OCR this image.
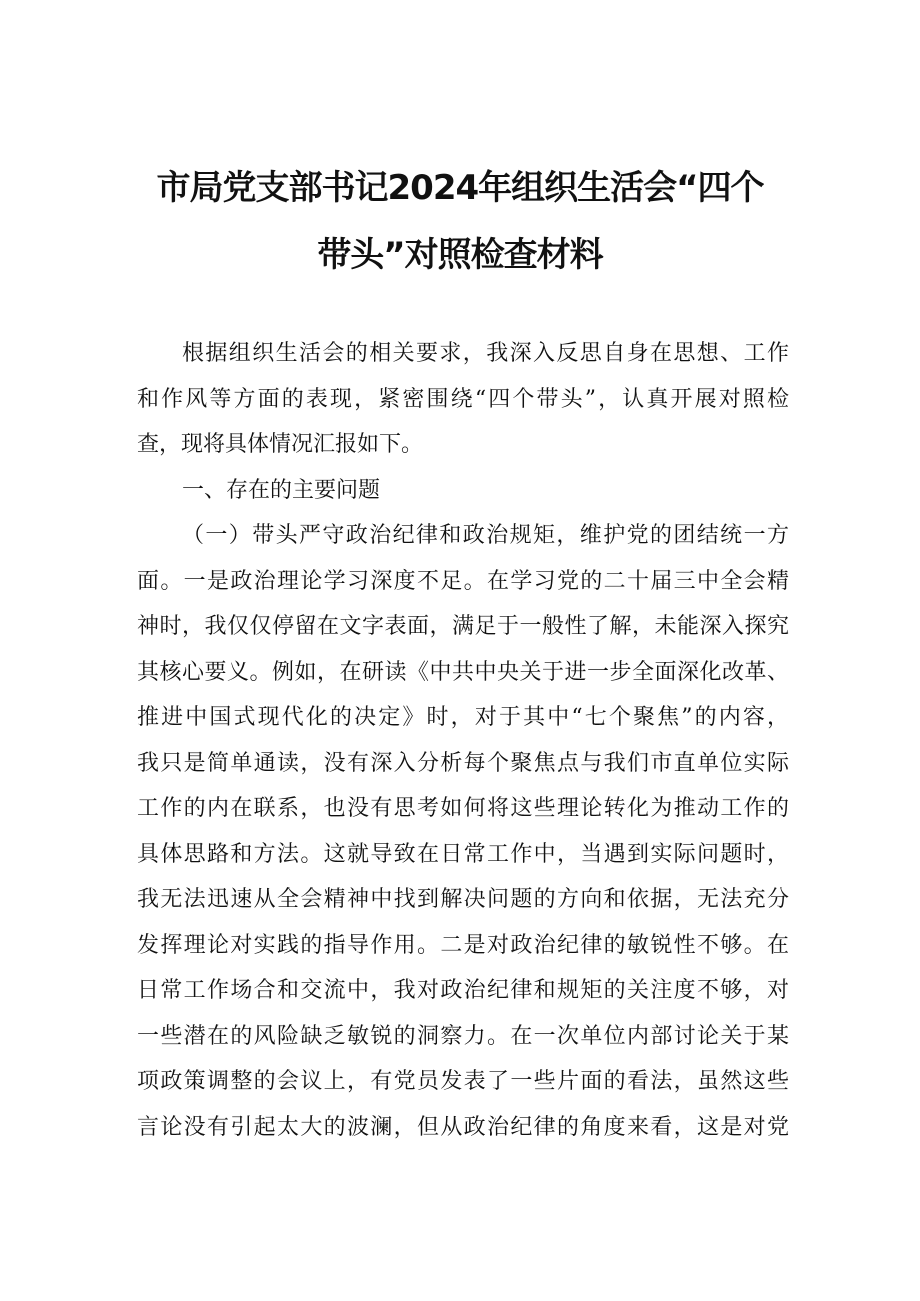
市局党支部书记2024年组织生活会“四个
带头”对照检查材料
根据组织生活会的相关要求，我深入反思自身在思想、工作
和作风等方面的表现，紧密围绕“四个带头”，认真开展对照检
查，现将具体情况汇报如下。
一、存在的主要问题
（一）带头严守政治纪律和政治规矩，维护党的团结统一方
面。一是政治理论学习深度不足。在学习党的二十届三中全会精
神时，我仅仅停留在文字表面，满足于一般性了解，未能深入探究
其核心要义。例如，在研读《中共中央关于进一步全面深化改革、
推进中国式现代化的决定》时，对于其中“七个聚焦”的内容，
我只是简单通读，没有深入分析每个聚焦点与我们市直单位实际
工作的内在联系，也没有思考如何将这些理论转化为推动工作的
具体思路和方法。这就导致在日常工作中，当遇到实际问题时，
我无法迅速从全会精神中找到解决问题的方向和依据，无法充分
发挥理论对实践的指导作用。二是对政治纪律的敏锐性不够。在
日常工作场合和交流中，我对政治纪律和规矩的关注度不够，对
一些潜在的风险缺乏敏锐的洞察力。在一次单位内部讨论关于某
项政策调整的会议上，有党员发表了一些片面的看法，虽然这些
言论没有引起太大的波澜，但从政治纪律的角度来看，这是对党
